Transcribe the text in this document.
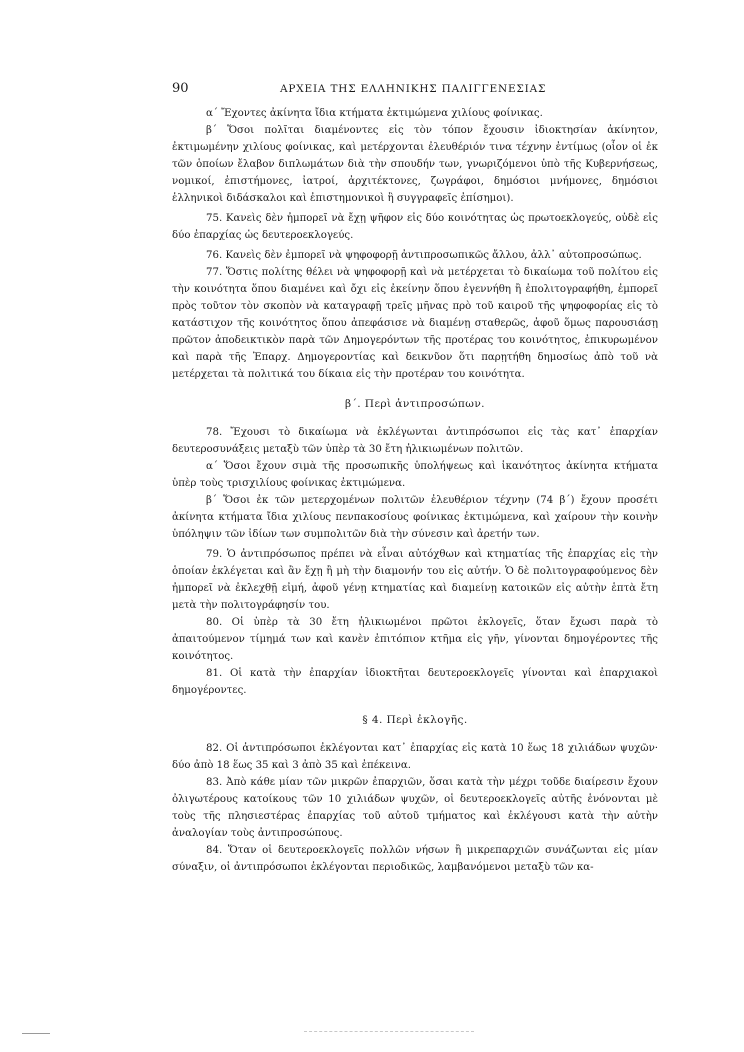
90	ΑΡΧΕΙΑ ΤΗΣ ΕΛΛΗΝΙΚΗΣ ΠΑΛΙΓΓΕΝΕΣΙΑΣ

α΄ Ἔχοντες ἀκίνητα ἴδια κτήματα ἐκτιμώμενα χιλίους φοίνικας.

β΄ Ὅσοι πολῖται διαμένοντες εἰς τὸν τόπον ἔχουσιν ἰδιοκτησίαν ἀκίνητον, ἐκτιμωμένην χιλίους φοίνικας, καὶ μετέρχονται ἐλευθέριόν τινα τέχνην ἐντίμως (οἷον οἱ ἐκ τῶν ὁποίων ἔλαβον διπλωμάτων διὰ τὴν σπουδήν των, γνωριζόμενοι ὑπὸ τῆς Κυβερνήσεως, νομικοί, ἐπιστήμονες, ἰατροί, ἀρχιτέκτονες, ζωγράφοι, δημόσιοι μνήμονες, δημόσιοι ἑλληνικοὶ διδάσκαλοι καὶ ἐπιστημονικοὶ ἢ συγγραφεῖς ἐπίσημοι).

75. Κανεὶς δὲν ἠμπορεῖ νὰ ἔχῃ ψῆφον εἰς δύο κοινότητας ὡς πρωτοεκλογεύς, οὐδὲ εἰς δύο ἐπαρχίας ὡς δευτεροεκλογεύς.

76. Κανεὶς δὲν ἐμπορεῖ νὰ ψηφοφορῇ ἀντιπροσωπικῶς ἄλλου, ἀλλ᾽ αὐτοπροσώπως.

77. Ὅστις πολίτης θέλει νὰ ψηφοφορῇ καὶ νὰ μετέρχεται τὸ δικαίωμα τοῦ πολίτου εἰς τὴν κοινότητα ὅπου διαμένει καὶ ὄχι εἰς ἐκείνην ὅπου ἐγεννήθη ἢ ἐπολιτογραφήθη, ἐμπορεῖ πρὸς τοῦτον τὸν σκοπὸν νὰ καταγραφῇ τρεῖς μῆνας πρὸ τοῦ καιροῦ τῆς ψηφοφορίας εἰς τὸ κατάστιχον τῆς κοινότητος ὅπου ἀπεφάσισε νὰ διαμένῃ σταθερῶς, ἀφοῦ ὅμως παρουσιάσῃ πρῶτον ἀποδεικτικὸν παρὰ τῶν Δημογερόντων τῆς προτέρας του κοινότητος, ἐπικυρωμένον καὶ παρὰ τῆς Ἐπαρχ. Δημογεροντίας καὶ δεικνῦον ὅτι παρῃτήθη δημοσίως ἀπὸ τοῦ νὰ μετέρχεται τὰ πολιτικά του δίκαια εἰς τὴν προτέραν του κοινότητα.

β΄. Περὶ ἀντιπροσώπων.

78. Ἔχουσι τὸ δικαίωμα νὰ ἐκλέγωνται ἀντιπρόσωποι εἰς τὰς κατ᾽ ἐπαρχίαν δευτεροσυνάξεις μεταξὺ τῶν ὑπὲρ τὰ 30 ἔτη ἠλικιωμένων πολιτῶν.

α΄ Ὅσοι ἔχουν σιμὰ τῆς προσωπικῆς ὑπολήψεως καὶ ἱκανότητος ἀκίνητα κτήματα ὑπὲρ τοὺς τρισχιλίους φοίνικας ἐκτιμώμενα.

β΄ Ὅσοι ἐκ τῶν μετερχομένων πολιτῶν ἐλευθέριον τέχνην (74 β΄) ἔχουν προσέτι ἀκίνητα κτήματα ἴδια χιλίους πενπακοσίους φοίνικας ἐκτιμώμενα, καὶ χαίρουν τὴν κοινὴν ὑπόληψιν τῶν ἰδίων των συμπολιτῶν διὰ τὴν σύνεσιν καὶ ἀρετήν των.

79. Ὁ ἀντιπρόσωπος πρέπει νὰ εἶναι αὐτόχθων καὶ κτηματίας τῆς ἐπαρχίας εἰς τὴν ὁποίαν ἐκλέγεται καὶ ἂν ἔχῃ ἢ μὴ τὴν διαμονήν του εἰς αὐτήν. Ὁ δὲ πολιτογραφούμενος δὲν ἠμπορεῖ νὰ ἐκλεχθῇ εἰμή, ἀφοῦ γένῃ κτηματίας καὶ διαμείνῃ κατοικῶν εἰς αὐτὴν ἑπτὰ ἔτη μετὰ τὴν πολιτογράφησίν του.

80. Οἱ ὑπὲρ τὰ 30 ἔτη ἠλικιωμένοι πρῶτοι ἐκλογεῖς, ὅταν ἔχωσι παρὰ τὸ ἀπαιτούμενον τίμημά των καὶ κανὲν ἐπιτόπιον κτῆμα εἰς γῆν, γίνονται δημογέροντες τῆς κοινότητος.

81. Οἱ κατὰ τὴν ἐπαρχίαν ἰδιοκτῆται δευτεροεκλογεῖς γίνονται καὶ ἐπαρχιακοὶ δημογέροντες.

§ 4. Περὶ ἐκλογῆς.

82. Οἱ ἀντιπρόσωποι ἐκλέγονται κατ᾽ ἐπαρχίας εἰς κατὰ 10 ἕως 18 χιλιάδων ψυχῶν· δύο ἀπὸ 18 ἕως 35 καὶ 3 ἀπὸ 35 καὶ ἐπέκεινα.

83. Ἀπὸ κάθε μίαν τῶν μικρῶν ἐπαρχιῶν, ὅσαι κατὰ τὴν μέχρι τοῦδε διαίρεσιν ἔχουν ὀλιγωτέρους κατοίκους τῶν 10 χιλιάδων ψυχῶν, οἱ δευτεροεκλογεῖς αὐτῆς ἑνόνονται μὲ τοὺς τῆς πλησιεστέρας ἐπαρχίας τοῦ αὐτοῦ τμήματος καὶ ἐκλέγουσι κατὰ τὴν αὐτὴν ἀναλογίαν τοὺς ἀντιπροσώπους.

84. Ὅταν οἱ δευτεροεκλογεῖς πολλῶν νήσων ἢ μικρεπαρχιῶν συνάζωνται εἰς μίαν σύναξιν, οἱ ἀντιπρόσωποι ἐκλέγονται περιοδικῶς, λαμβανόμενοι μεταξὺ τῶν κα-
